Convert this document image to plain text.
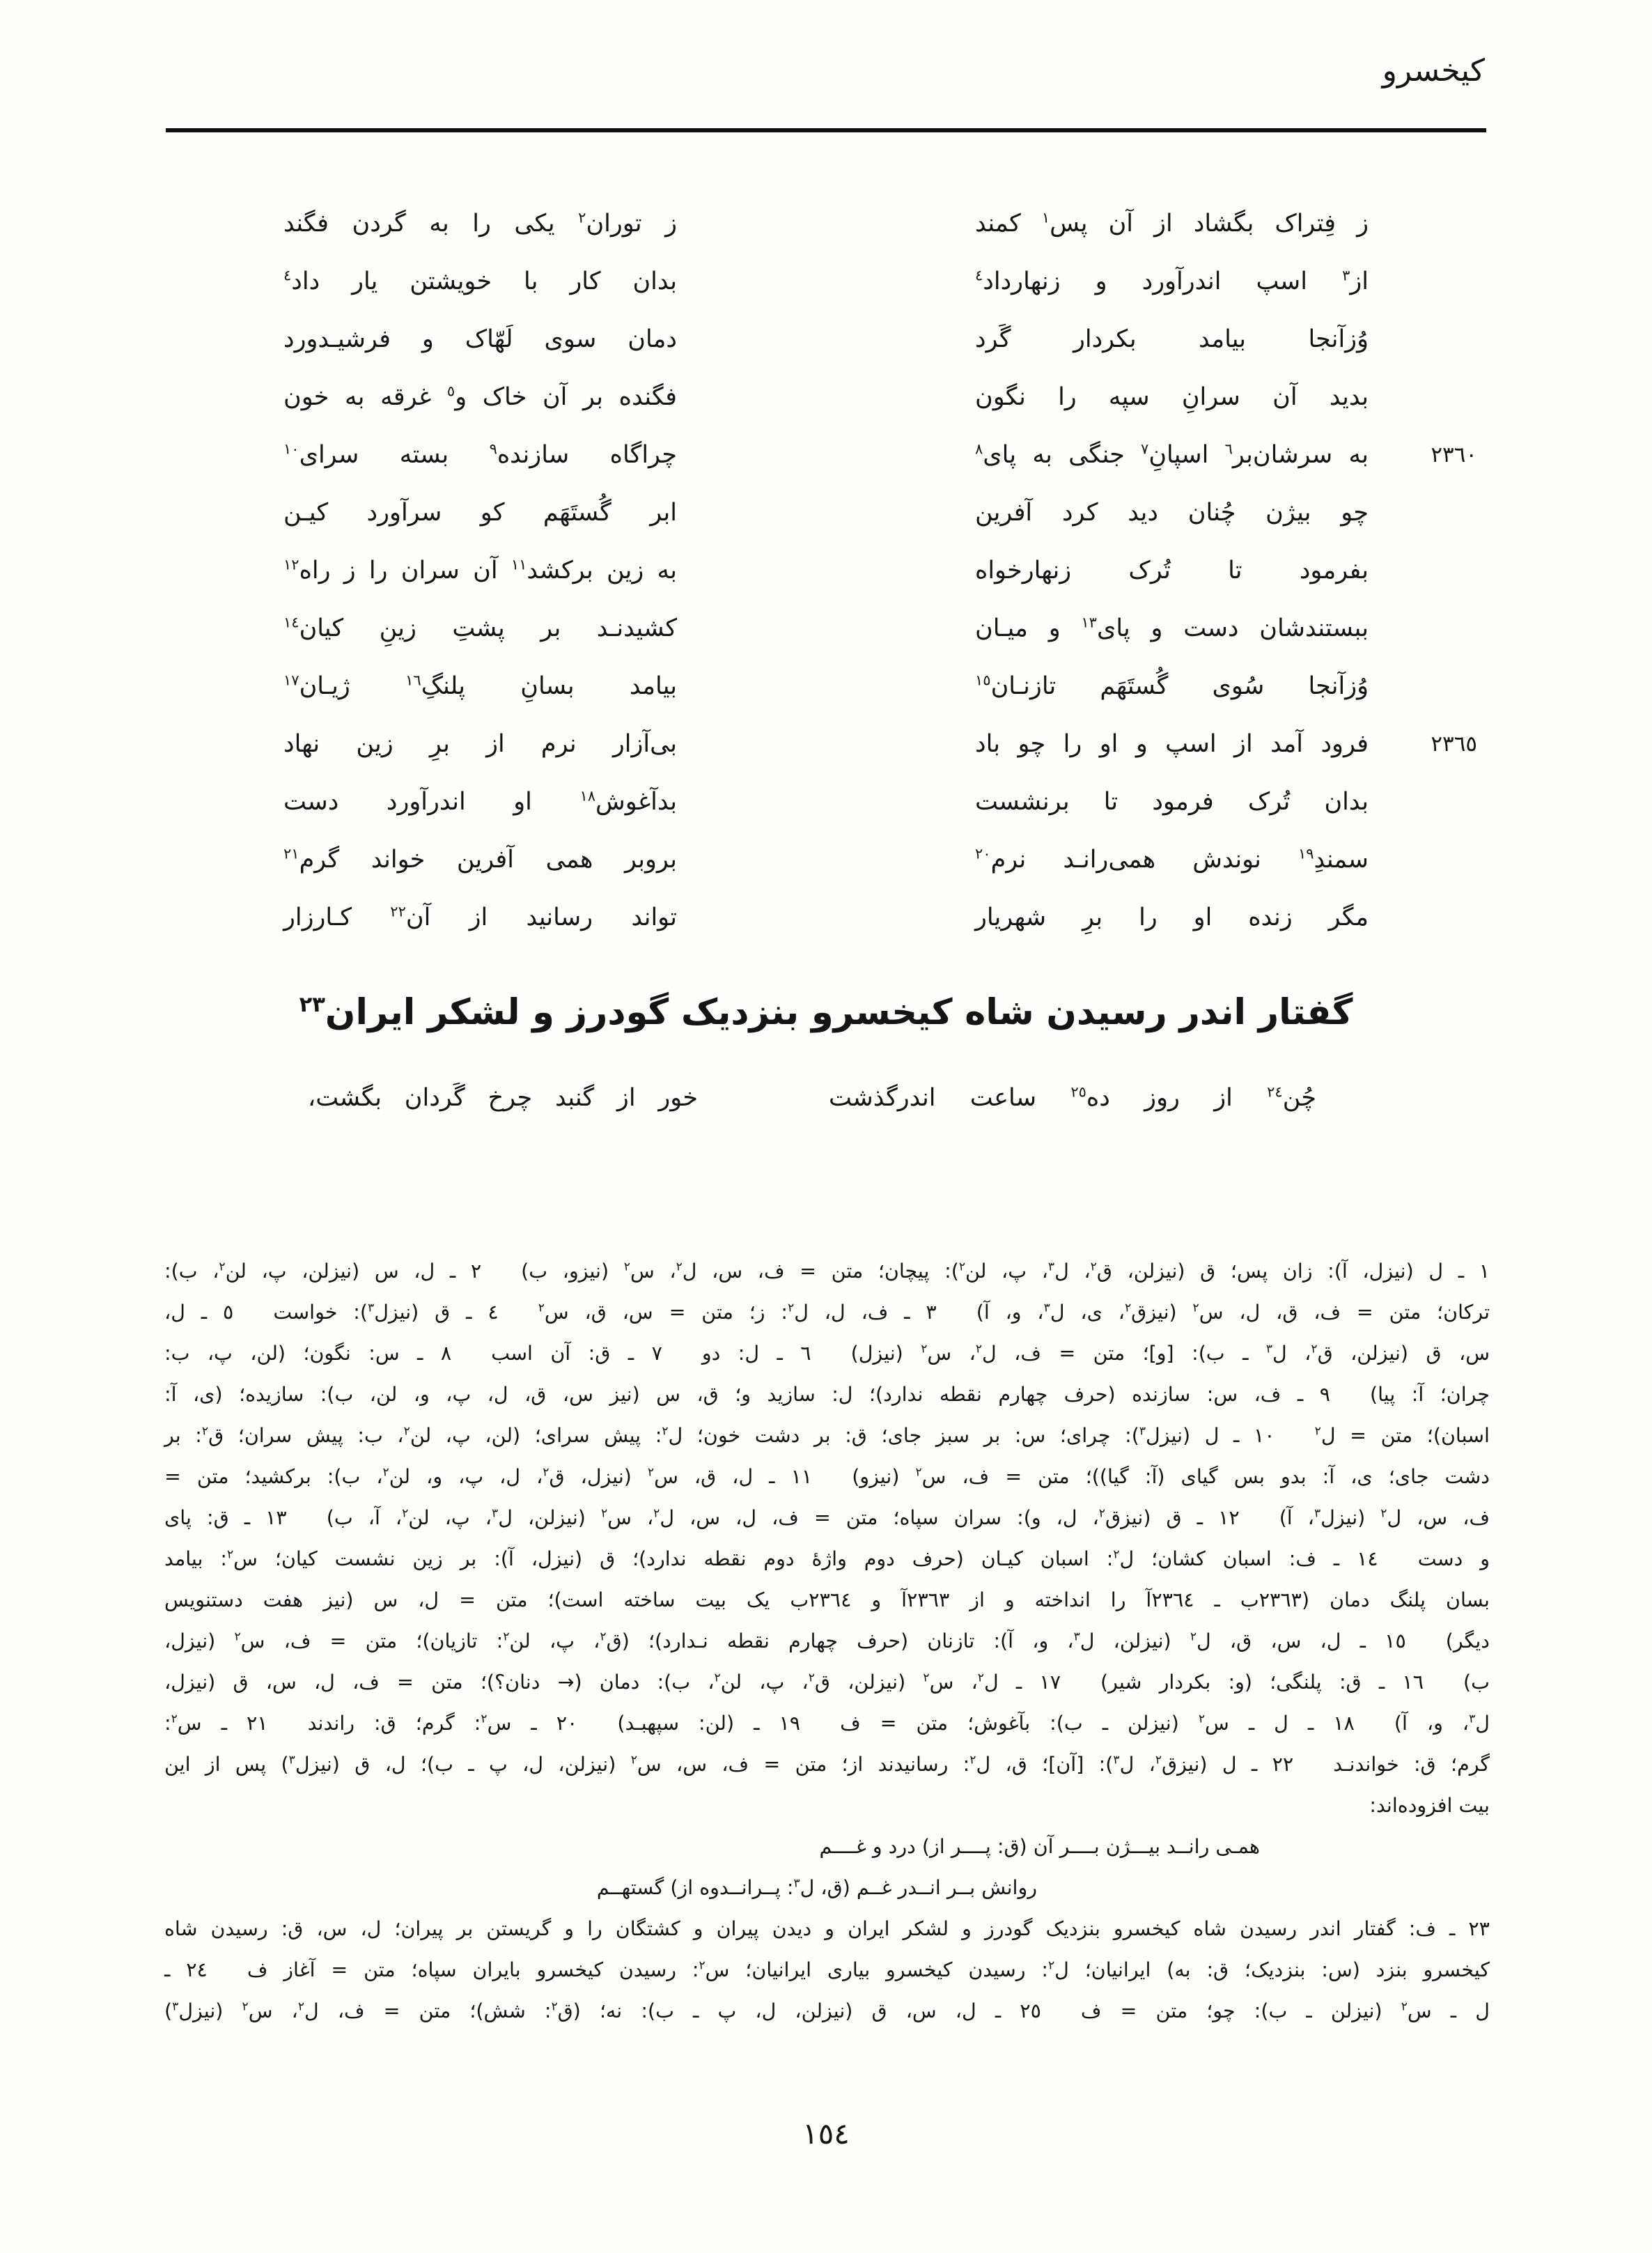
کیخسرو
ز فِتراک بگشاد از آن پس$^١$ کمند
ز توران$^٢$ یکی را به گردن فگند
از$^٣$ اسپ اندرآورد و زنهارداد$^٤$
بدان کار با خویشتن یار داد$^٤$
وُزآنجا بیامد بکردار گَرد
دمان سوی لَهّاک و فرشیـدورد
بدید آن سرانِ سپه را نگون
فگنده بر آن خاک و$^٥$ غرقه به خون
٢٣٦٠
به سرشان‌بر$^٦$ اسپانِ$^٧$ جنگی به پای$^٨$
چراگاه سازنده$^٩$ بسته سرای$^{١٠}$
چو بیژن چُنان دید کرد آفرین
ابر گُستَهَم کو سرآورد کیـن
بفرمود تا تُرک زنهارخواه
به زین برکشد$^{١١}$ آن سران را ز راه$^{١٢}$
ببستندشان دست و پای$^{١٣}$ و میـان
کشیدنـد بر پشتِ زینِ کیان$^{١٤}$
وُزآنجا سُوی گُستَهَم تازنـان$^{١٥}$
بیامد بسانِ پلنگِ$^{١٦}$ ژیـان$^{١٧}$
٢٣٦٥
فرود آمد از اسپ و او را چو باد
بی‌آزار نرم از برِ زین نهاد
بدان تُرک فرمود تا برنشست
بدآغوش$^{١٨}$ او اندرآورد دست
سمندِ$^{١٩}$ نوندش همی‌رانـد نرم$^{٢٠}$
بروبر همی آفرین خواند گرم$^{٢١}$
مگر زنده او را برِ شهریار
تواند رسانید از آن$^{٢٢}$ کـارزار
گفتار اندر رسیدن شاه کیخسرو بنزدیک گودرز و لشکر ایران$^{٢٣}$
چُن$^{٢٤}$ از روز ده$^{٢٥}$ ساعت اندرگذشت
خور از گنبد چرخ گَردان بگشت،
١ ـ ل (نیزل، آ): زان پس؛ ق (نیزلن، ق$^٢$، ل$^٣$، پ، لن$^٢$): پیچان؛ متن = ف، س، ل$^٢$، س$^٢$ (نیزو، ب)  ٢ ـ ل، س (نیزلن، پ، لن$^٢$، ب):
ترکان؛ متن = ف، ق، ل، س$^٢$ (نیزق$^٢$، ی، ل$^٣$، و، آ)  ٣ ـ ف، ل، ل$^٢$: ز؛ متن = س، ق، س$^٢$  ٤ ـ ق (نیزل$^٣$): خواست  ٥ ـ ل،
س، ق (نیزلن، ق$^٢$، ل$^٣$ ـ ب): [و]؛ متن = ف، ل$^٢$، س$^٢$ (نیزل)  ٦ ـ ل: دو  ٧ ـ ق: آن اسب  ٨ ـ س: نگون؛ (لن، پ، ب:
چران؛ آ: پیا)  ٩ ـ ف، س: سازنده (حرف چهارم نقطه ندارد)؛ ل: سازید و؛ ق، س (نیز س، ق، ل، پ، و، لن، ب): سازیده؛ (ی، آ:
اسبان)؛ متن = ل$^٢$  ١٠ ـ ل (نیزل$^٣$): چرای؛ س: بر سبز جای؛ ق: بر دشت خون؛ ل$^٢$: پیش سرای؛ (لن، پ، لن$^٢$، ب: پیش سران؛ ق$^٢$: بر
دشت جای؛ ی، آ: بدو بس گیای (آ: گیا))؛ متن = ف، س$^٢$ (نیزو)  ١١ ـ ل، ق، س$^٢$ (نیزل، ق$^٢$، ل، پ، و، لن$^٢$، ب): برکشید؛ متن =
ف، س، ل$^٢$ (نیزل$^٣$، آ)  ١٢ ـ ق (نیزق$^٢$، ل، و): سران سپاه؛ متن = ف، ل، س، ل$^٢$، س$^٢$ (نیزلن، ل$^٣$، پ، لن$^٢$، آ، ب)  ١٣ ـ ق: پای
و دست  ١٤ ـ ف: اسبان کشان؛ ل$^٢$: اسبان کیـان (حرف دوم واژهٔ دوم نقطه ندارد)؛ ق (نیزل، آ): بر زین نشست کیان؛ س$^٢$: بیامد
بسان پلنگ دمان (٢٣٦٣ب ـ ٢٣٦٤آ را انداخته و از ٢٣٦٣آ و ٢٣٦٤ب یک بیت ساخته است)؛ متن = ل، س (نیز هفت دستنویس
دیگر)  ١٥ ـ ل، س، ق، ل$^٢$ (نیزلن، ل$^٣$، و، آ): تازنان (حرف چهارم نقطه نـدارد)؛ (ق$^٢$، پ، لن$^٢$: تازیان)؛ متن = ف، س$^٢$ (نیزل،
ب)  ١٦ ـ ق: پلنگی؛ (و: بکردار شیر)  ١٧ ـ ل$^٢$، س$^٢$ (نیزلن، ق$^٢$، پ، لن$^٢$، ب): دمان (→ دنان؟)؛ متن = ف، ل، س، ق (نیزل،
ل$^٣$، و، آ)  ١٨ ـ ل ـ س$^٢$ (نیزلن ـ ب): بآغوش؛ متن = ف  ١٩ ـ (لن: سپهبـد)  ٢٠ ـ س$^٢$: گرم؛ ق: راندند  ٢١ ـ س$^٢$:
گرم؛ ق: خواندنـد  ٢٢ ـ ل (نیزق$^٢$، ل$^٣$): [آن]؛ ق، ل$^٢$: رسانیدند از؛ متن = ف، س، س$^٢$ (نیزلن، ل، پ ـ ب)؛ ل، ق (نیزل$^٣$) پس از این
بیت افزوده‌اند:
همـی رانــد بیـــژن بــــر آن (ق: پــــر از) درد و غــــم
روانش بــر انــدر غــم (ق، ل$^٣$: پــرانــدوه از) گستهــم
٢٣ ـ ف: گفتار اندر رسیدن شاه کیخسرو بنزدیک گودرز و لشکر ایران و دیدن پیران و کشتگان را و گریستن بر پیران؛ ل، س، ق: رسیدن شاه
کیخسرو بنزد (س: بنزدیک؛ ق: به) ایرانیان؛ ل$^٢$: رسیدن کیخسرو بیاری ایرانیان؛ س$^٢$: رسیدن کیخسرو بایران سپاه؛ متن = آغاز ف  ٢٤ ـ
ل ـ س$^٢$ (نیزلن ـ ب): چو؛ متن = ف  ٢٥ ـ ل، س، ق (نیزلن، ل، پ ـ ب): نه؛ (ق$^٢$: شش)؛ متن = ف، ل$^٢$، س$^٢$ (نیزل$^٣$)
١٥٤
